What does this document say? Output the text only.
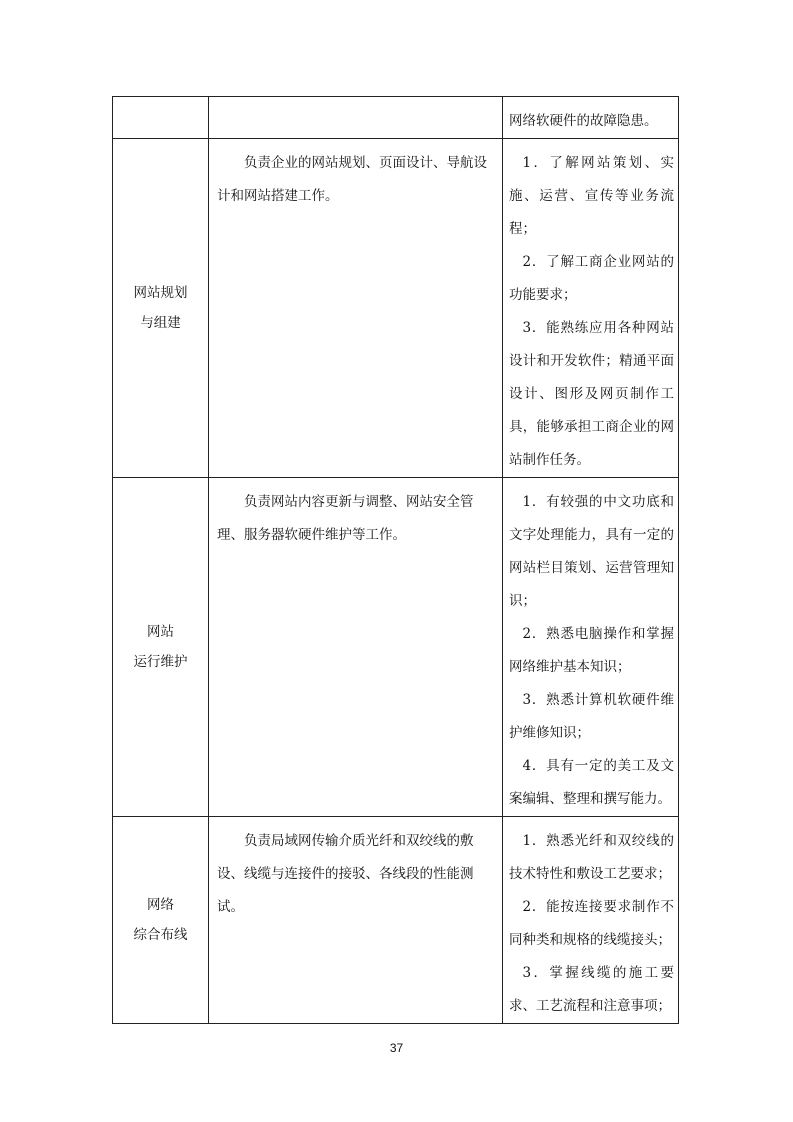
		网络软硬件的故障隐患。

网站规划
与组建	负责企业的网站规划、页面设计、导航设计和网站搭建工作。	1．了解网站策划、实施、运营、宣传等业务流程；
2．了解工商企业网站的功能要求；
3．能熟练应用各种网站设计和开发软件；精通平面设计、图形及网页制作工具，能够承担工商企业的网站制作任务。

网站
运行维护	负责网站内容更新与调整、网站安全管理、服务器软硬件维护等工作。	1．有较强的中文功底和文字处理能力，具有一定的网站栏目策划、运营管理知识；
2．熟悉电脑操作和掌握网络维护基本知识；
3．熟悉计算机软硬件维护维修知识；
4．具有一定的美工及文案编辑、整理和撰写能力。

网络
综合布线	负责局域网传输介质光纤和双绞线的敷设、线缆与连接件的接驳、各线段的性能测试。	1．熟悉光纤和双绞线的技术特性和敷设工艺要求；
2．能按连接要求制作不同种类和规格的线缆接头；
3．掌握线缆的施工要求、工艺流程和注意事项；
37
